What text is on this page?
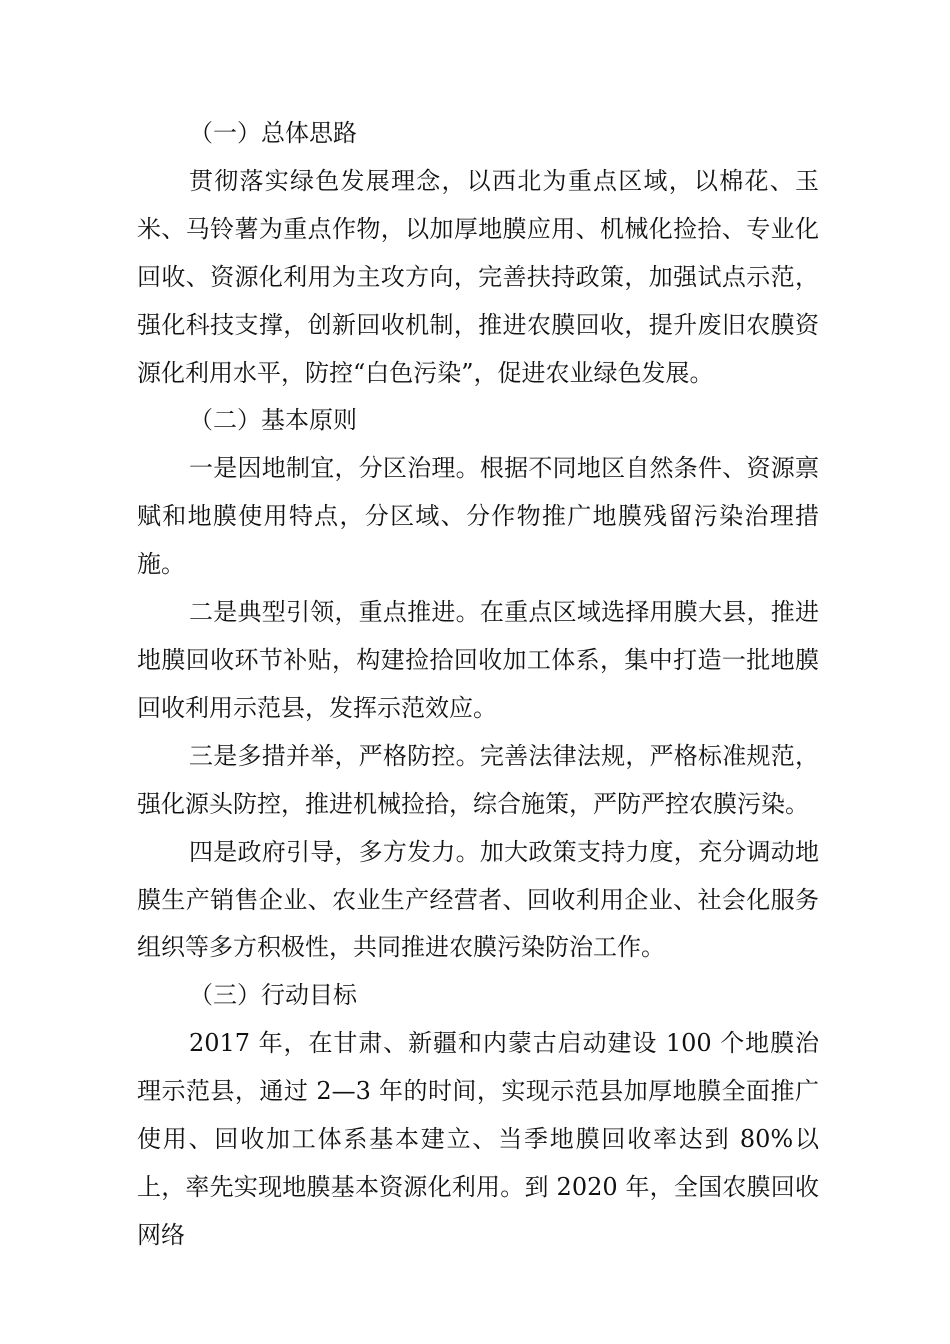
（一）总体思路

贯彻落实绿色发展理念，以西北为重点区域，以棉花、玉米、马铃薯为重点作物，以加厚地膜应用、机械化捡拾、专业化回收、资源化利用为主攻方向，完善扶持政策，加强试点示范，强化科技支撑，创新回收机制，推进农膜回收，提升废旧农膜资源化利用水平，防控“白色污染”，促进农业绿色发展。

（二）基本原则

一是因地制宜，分区治理。根据不同地区自然条件、资源禀赋和地膜使用特点，分区域、分作物推广地膜残留污染治理措施。

二是典型引领，重点推进。在重点区域选择用膜大县，推进地膜回收环节补贴，构建捡拾回收加工体系，集中打造一批地膜回收利用示范县，发挥示范效应。

三是多措并举，严格防控。完善法律法规，严格标准规范，强化源头防控，推进机械捡拾，综合施策，严防严控农膜污染。

四是政府引导，多方发力。加大政策支持力度，充分调动地膜生产销售企业、农业生产经营者、回收利用企业、社会化服务组织等多方积极性，共同推进农膜污染防治工作。

（三）行动目标

2017 年，在甘肃、新疆和内蒙古启动建设 100 个地膜治理示范县，通过 2—3 年的时间，实现示范县加厚地膜全面推广使用、回收加工体系基本建立、当季地膜回收率达到 80%以上，率先实现地膜基本资源化利用。到 2020 年，全国农膜回收网络
